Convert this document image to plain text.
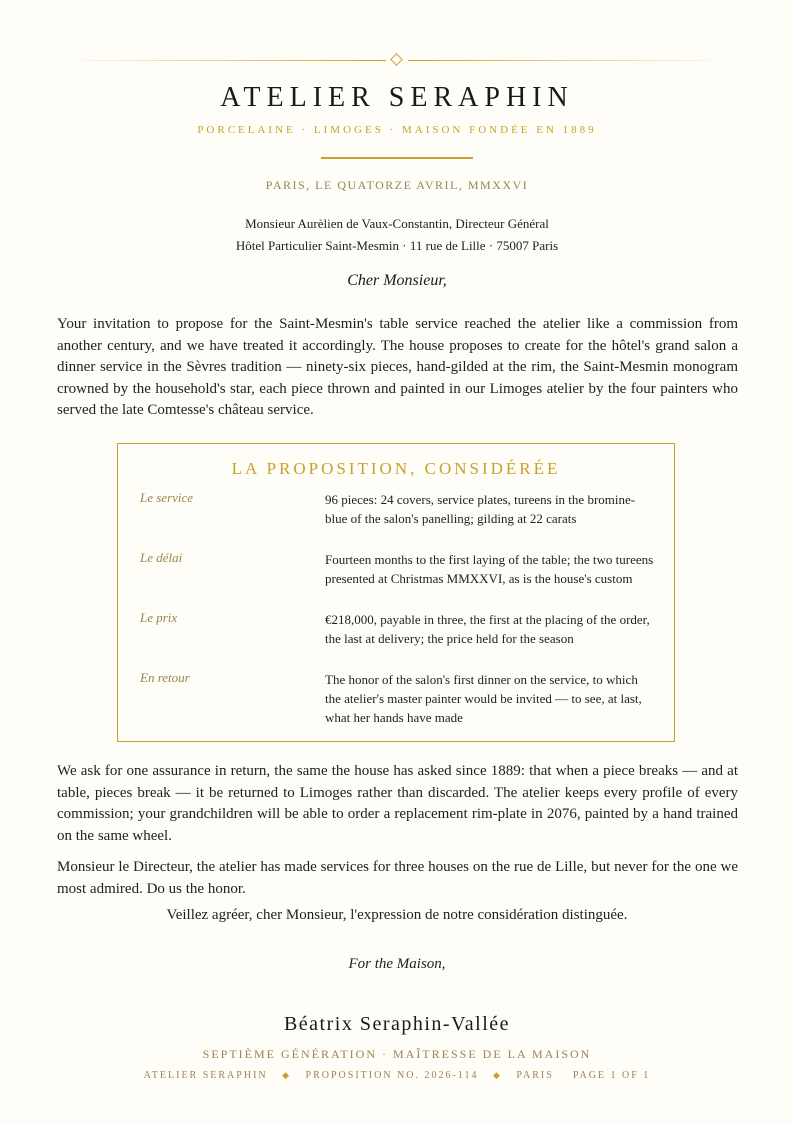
ATELIER SERAPHIN
PORCELAINE · LIMOGES · MAISON FONDÉE EN 1889
PARIS, LE QUATORZE AVRIL, MMXXVI
Monsieur Aurèlien de Vaux-Constantin, Directeur Général
Hôtel Particulier Saint-Mesmin · 11 rue de Lille · 75007 Paris
Cher Monsieur,

Your invitation to propose for the Saint-Mesmin's table service reached the atelier like a commission from another century, and we have treated it accordingly. The house proposes to create for the hôtel's grand salon a dinner service in the Sèvres tradition — ninety-six pieces, hand-gilded at the rim, the Saint-Mesmin monogram crowned by the household's star, each piece thrown and painted in our Limoges atelier by the four painters who served the late Comtesse's château service.

LA PROPOSITION, CONSIDÉRÉE
Le service	96 pieces: 24 covers, service plates, tureens in the bromine-blue of the salon's panelling; gilding at 22 carats
Le délai	Fourteen months to the first laying of the table; the two tureens presented at Christmas MMXXVI, as is the house's custom
Le prix	€218,000, payable in three, the first at the placing of the order, the last at delivery; the price held for the season
En retour	The honor of the salon's first dinner on the service, to which the atelier's master painter would be invited — to see, at last, what her hands have made

We ask for one assurance in return, the same the house has asked since 1889: that when a piece breaks — and at table, pieces break — it be returned to Limoges rather than discarded. The atelier keeps every profile of every commission; your grandchildren will be able to order a replacement rim-plate in 2076, painted by a hand trained on the same wheel.

Monsieur le Directeur, the atelier has made services for three houses on the rue de Lille, but never for the one we most admired. Do us the honor.

Veillez agréer, cher Monsieur, l'expression de notre considération distinguée.
For the Maison,
Béatrix Seraphin-Vallée
SEPTIÈME GÉNÉRATION · MAÎTRESSE DE LA MAISON
ATELIER SERAPHIN ◆ PROPOSITION NO. 2026-114 ◆ PARIS PAGE 1 OF 1
